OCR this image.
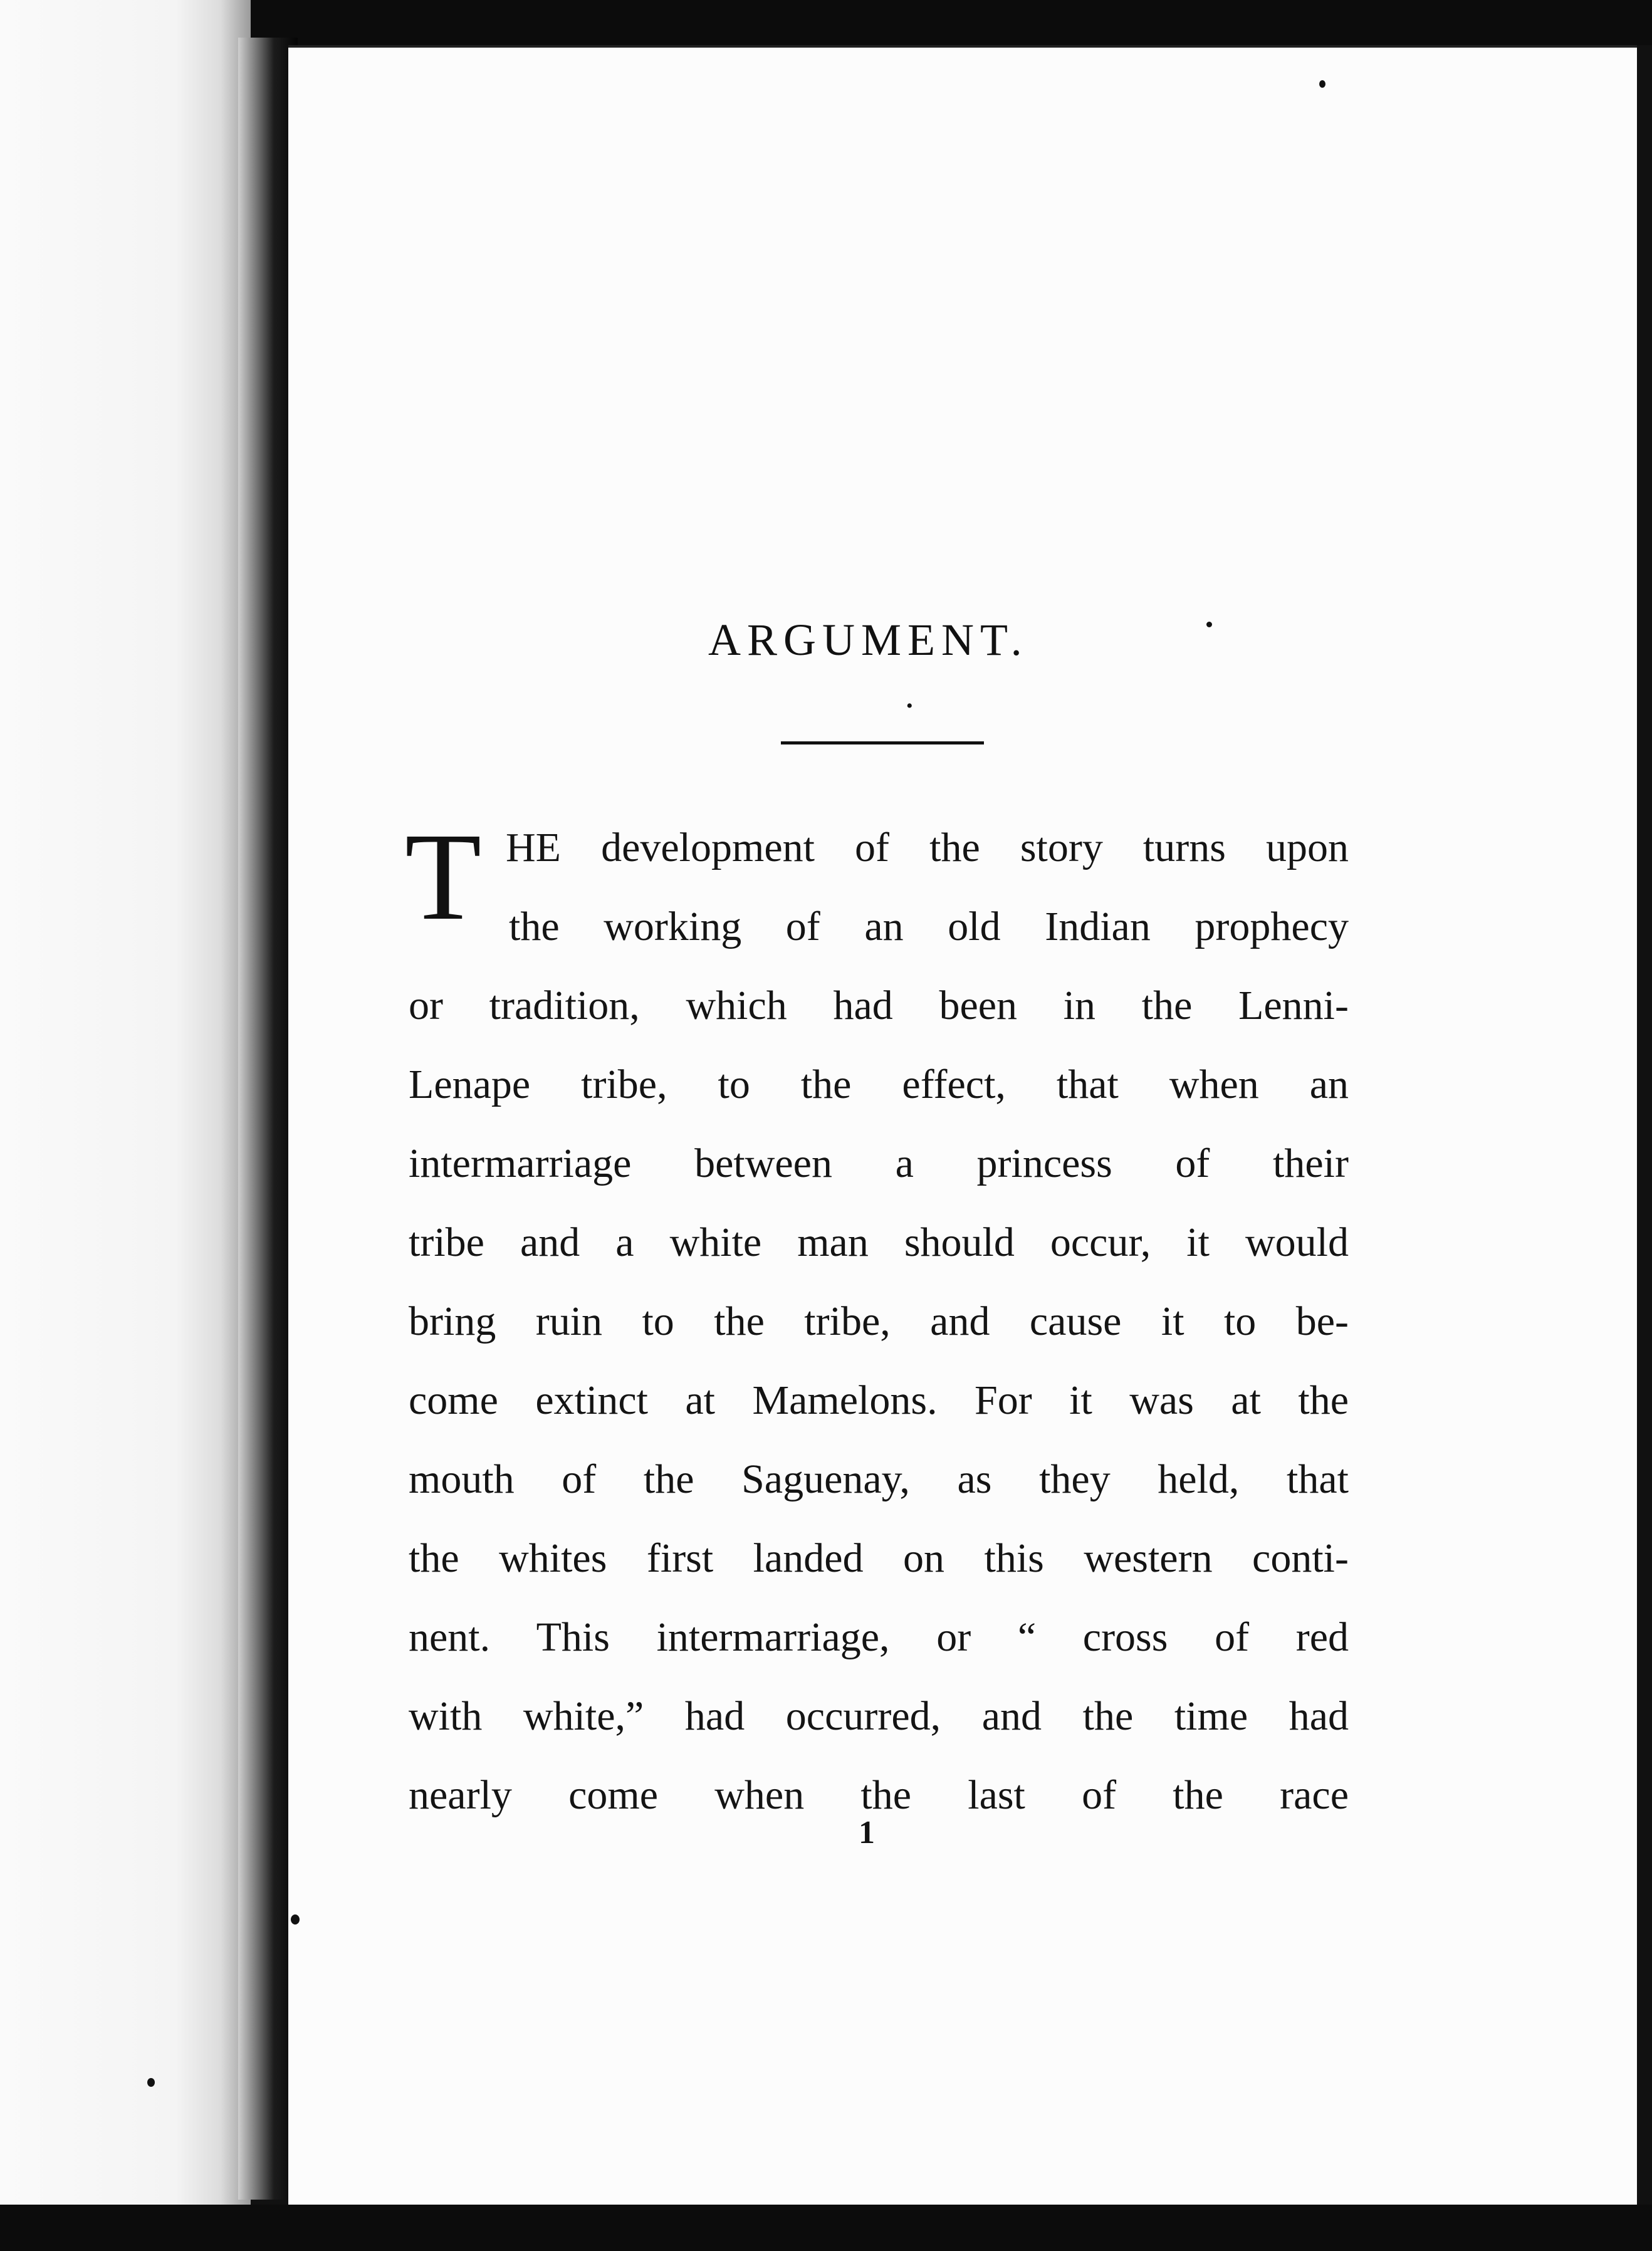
ARGUMENT.
•
T HE development of the story turns upon
the working of an old Indian prophecy
or tradition, which had been in the Lenni-
Lenape tribe, to the effect, that when an
intermarriage between a princess of their
tribe and a white man should occur, it would
bring ruin to the tribe, and cause it to be-
come extinct at Mamelons. For it was at the
mouth of the Saguenay, as they held, that
the whites first landed on this western conti-
nent. This intermarriage, or “ cross of red
with white,” had occurred, and the time had
nearly come when the last of the race
1
